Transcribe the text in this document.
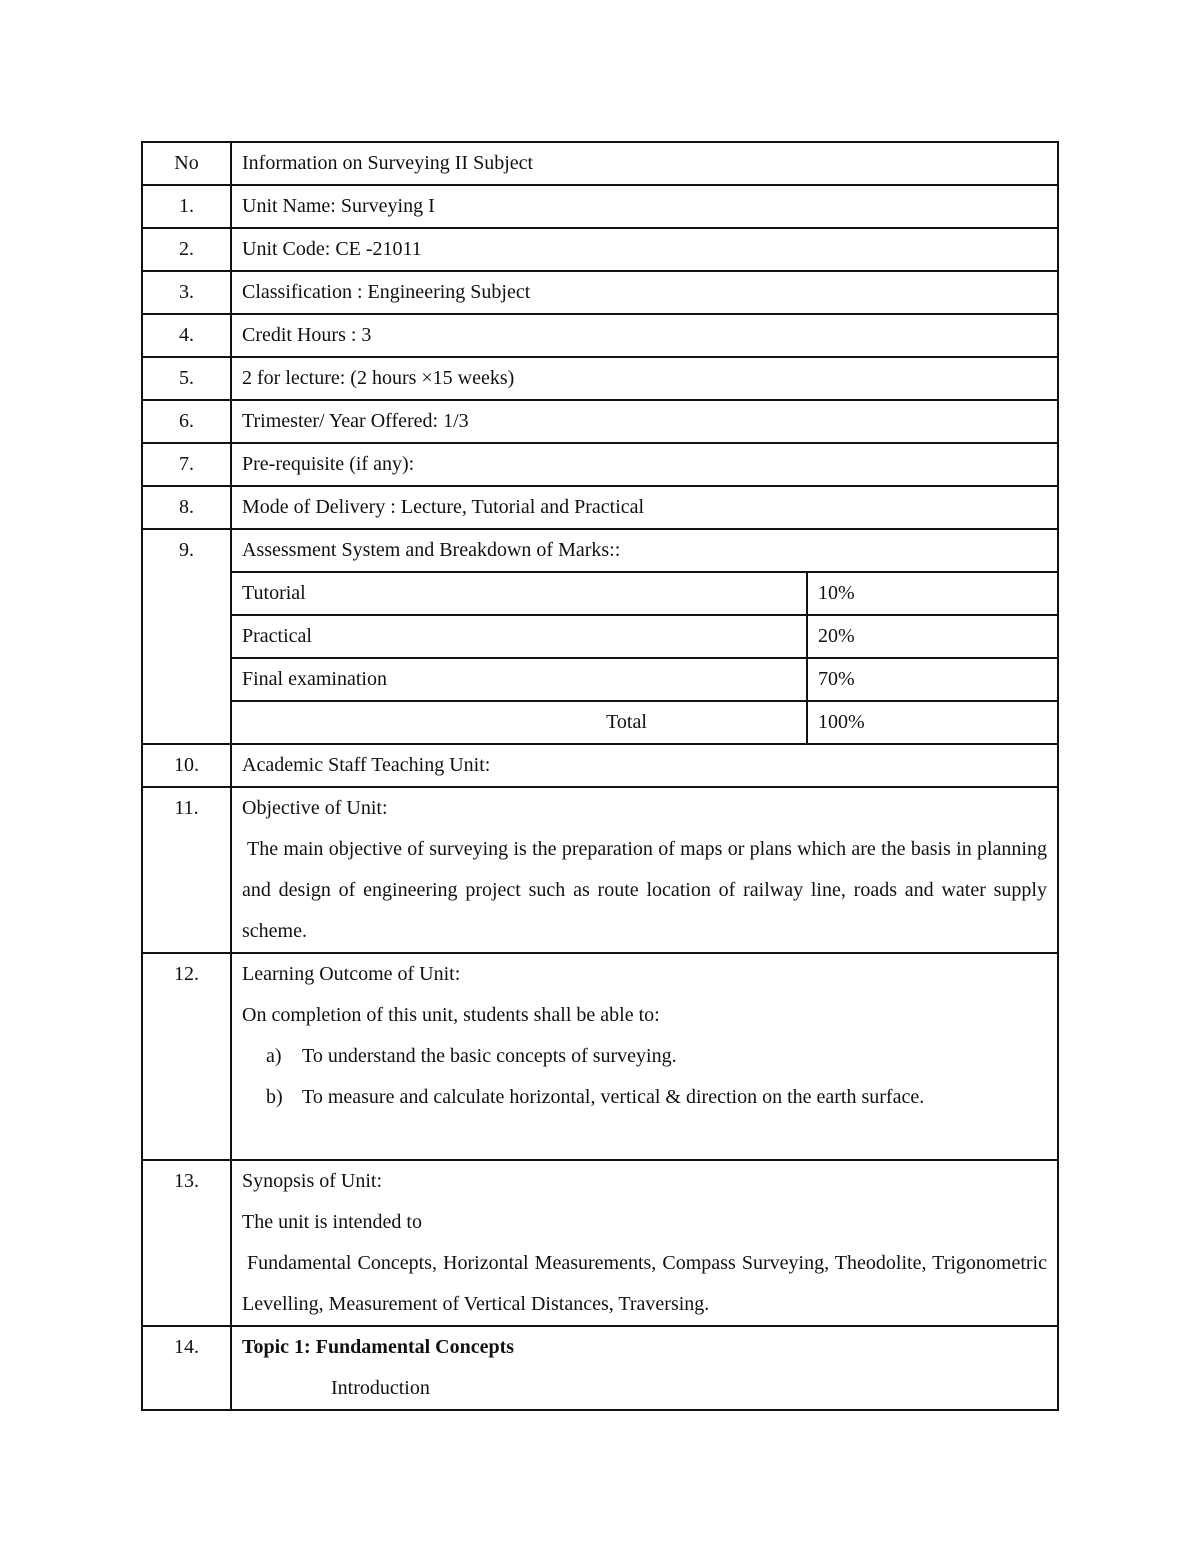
No	Information on Surveying II Subject

1.	Unit Name: Surveying I

2.	Unit Code: CE -21011

3.	Classification : Engineering Subject

4.	Credit Hours : 3

5.	2 for lecture: (2 hours ×15 weeks)

6.	Trimester/ Year Offered: 1/3

7.	Pre-requisite (if any):

8.	Mode of Delivery : Lecture, Tutorial and Practical

9.	Assessment System and Breakdown of Marks::
Tutorial	10%

Practical	20%

Final examination	70%

Total	100%

10.	Academic Staff Teaching Unit:

11.	Objective of Unit:
The main objective of surveying is the preparation of maps or plans which are the basis in planning and design of engineering project such as route location of railway line, roads and water supply scheme.

12.	Learning Outcome of Unit:
On completion of this unit, students shall be able to:
a) To understand the basic concepts of surveying.
b) To measure and calculate horizontal, vertical & direction on the earth surface.

13.	Synopsis of Unit:
The unit is intended to
Fundamental Concepts, Horizontal Measurements, Compass Surveying, Theodolite, Trigonometric Levelling, Measurement of Vertical Distances, Traversing.

14.	Topic 1: Fundamental Concepts
Introduction
